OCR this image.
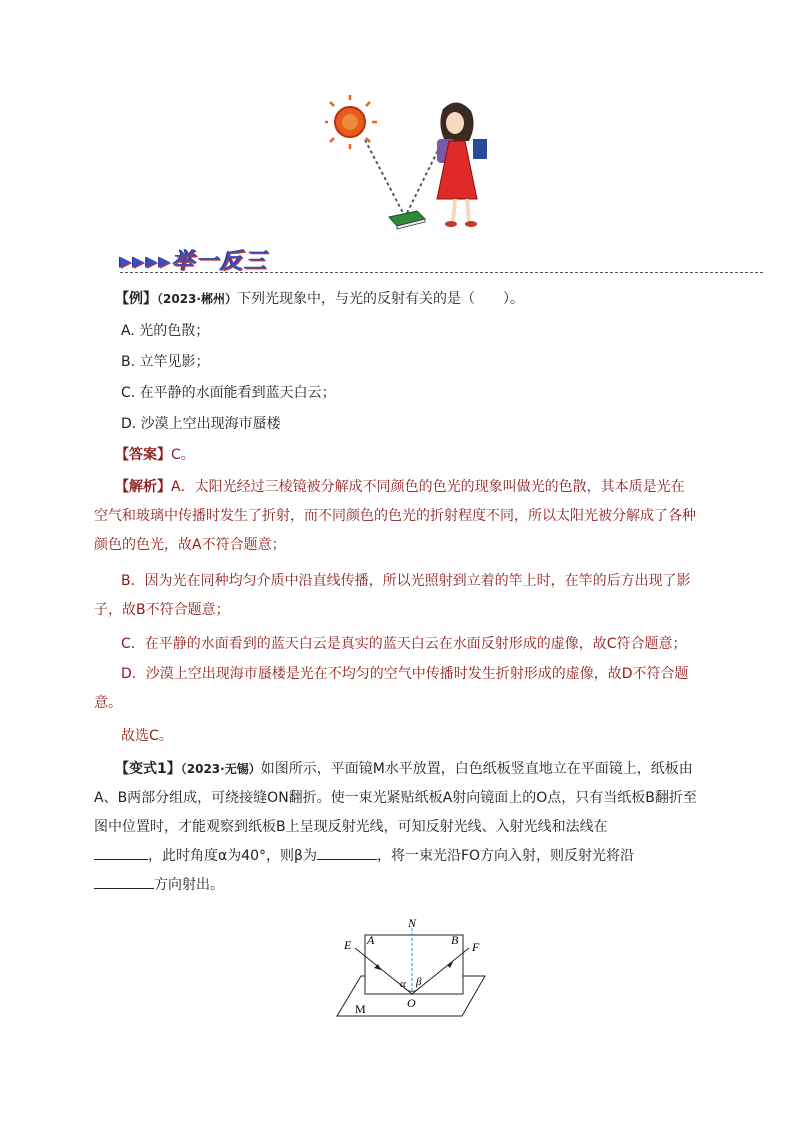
▸▸▸▸举一反三
【例】（2023·郴州）下列光现象中，与光的反射有关的是（　　）。
A. 光的色散；
B. 立竿见影；
C. 在平静的水面能看到蓝天白云；
D. 沙漠上空出现海市蜃楼
【答案】C。
【解析】A．太阳光经过三棱镜被分解成不同颜色的色光的现象叫做光的色散，其本质是光在空气和玻璃中传播时发生了折射，而不同颜色的色光的折射程度不同，所以太阳光被分解成了各种颜色的色光，故A不符合题意；
B．因为光在同种均匀介质中沿直线传播，所以光照射到立着的竿上时，在竿的后方出现了影子，故B不符合题意；
C．在平静的水面看到的蓝天白云是真实的蓝天白云在水面反射形成的虚像，故C符合题意；
D．沙漠上空出现海市蜃楼是光在不均匀的空气中传播时发生折射形成的虚像，故D不符合题意。
故选C。
【变式1】（2023·无锡）如图所示，平面镜M水平放置，白色纸板竖直地立在平面镜上，纸板由A、B两部分组成，可绕接缝ON翻折。使一束光紧贴纸板A射向镜面上的O点，只有当纸板B翻折至图中位置时，才能观察到纸板B上呈现反射光线，可知反射光线、入射光线和法线在
，此时角度α为40°，则β为	，将一束光沿FO方向入射，则反射光将沿
方向射出。
N
E A	B F
α β
O
M
